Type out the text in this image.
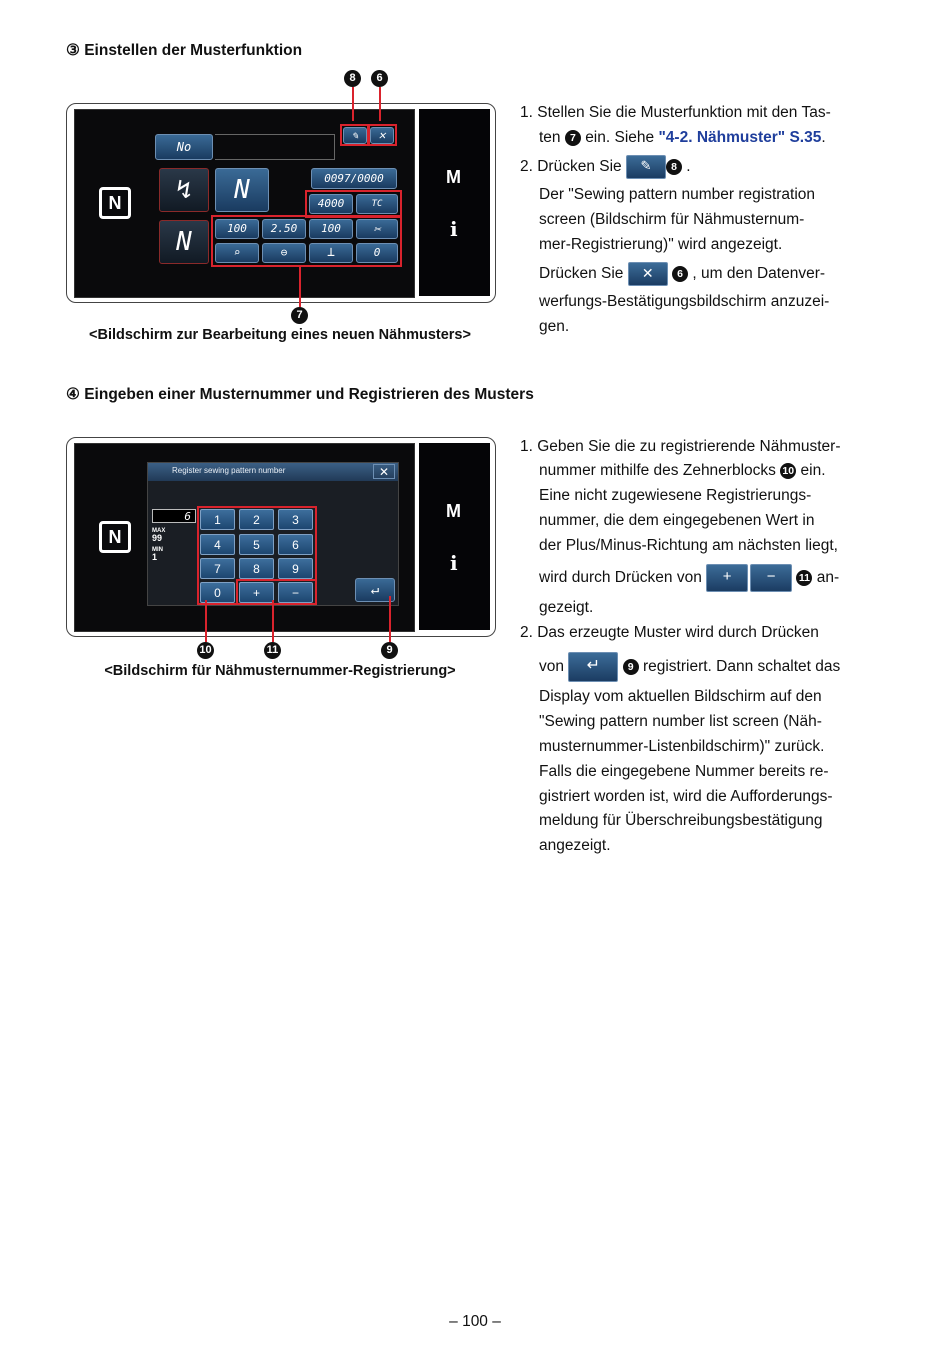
③ Einstellen der Musterfunktion
8	6
N
No
✎	✕
↯
N
N	0097/0000
4000	TC
100	2.50	100	✂
⌕	⊖	⊥	0
M
i
7
<Bildschirm zur Bearbeitung eines neuen Nähmusters>
1. Stellen Sie die Musterfunktion mit den Tas-
ten 7 ein. Siehe "4-2. Nähmuster" S.35.
2. Drücken Sie ✎ 8 .
Der "Sewing pattern number registration
screen (Bildschirm für Nähmusternum-
mer-Registrierung)" wird angezeigt.
Drücken Sie ✕ 6 , um den Datenver-
werfungs-Bestätigungsbildschirm anzuzei-
gen.
④ Eingeben einer Musternummer und Registrieren des Musters
N
Register sewing pattern number	✕
6
MAX
99
MIN
1
1	2	3
4	5	6
7	8	9
0	+	−	↵
M
i
10	11	9
<Bildschirm für Nähmusternummer-Registrierung>
1. Geben Sie die zu registrierende Nähmuster-
nummer mithilfe des Zehnerblocks 10 ein.
Eine nicht zugewiesene Registrierungs-
nummer, die dem eingegebenen Wert in
der Plus/Minus-Richtung am nächsten liegt,
wird durch Drücken von + − 11 an-
gezeigt.
2. Das erzeugte Muster wird durch Drücken
von ↵	9 registriert. Dann schaltet das
Display vom aktuellen Bildschirm auf den
"Sewing pattern number list screen (Näh-
musternummer-Listenbildschirm)" zurück.
Falls die eingegebene Nummer bereits re-
gistriert worden ist, wird die Aufforderungs-
meldung für Überschreibungsbestätigung
angezeigt.
– 100 –
